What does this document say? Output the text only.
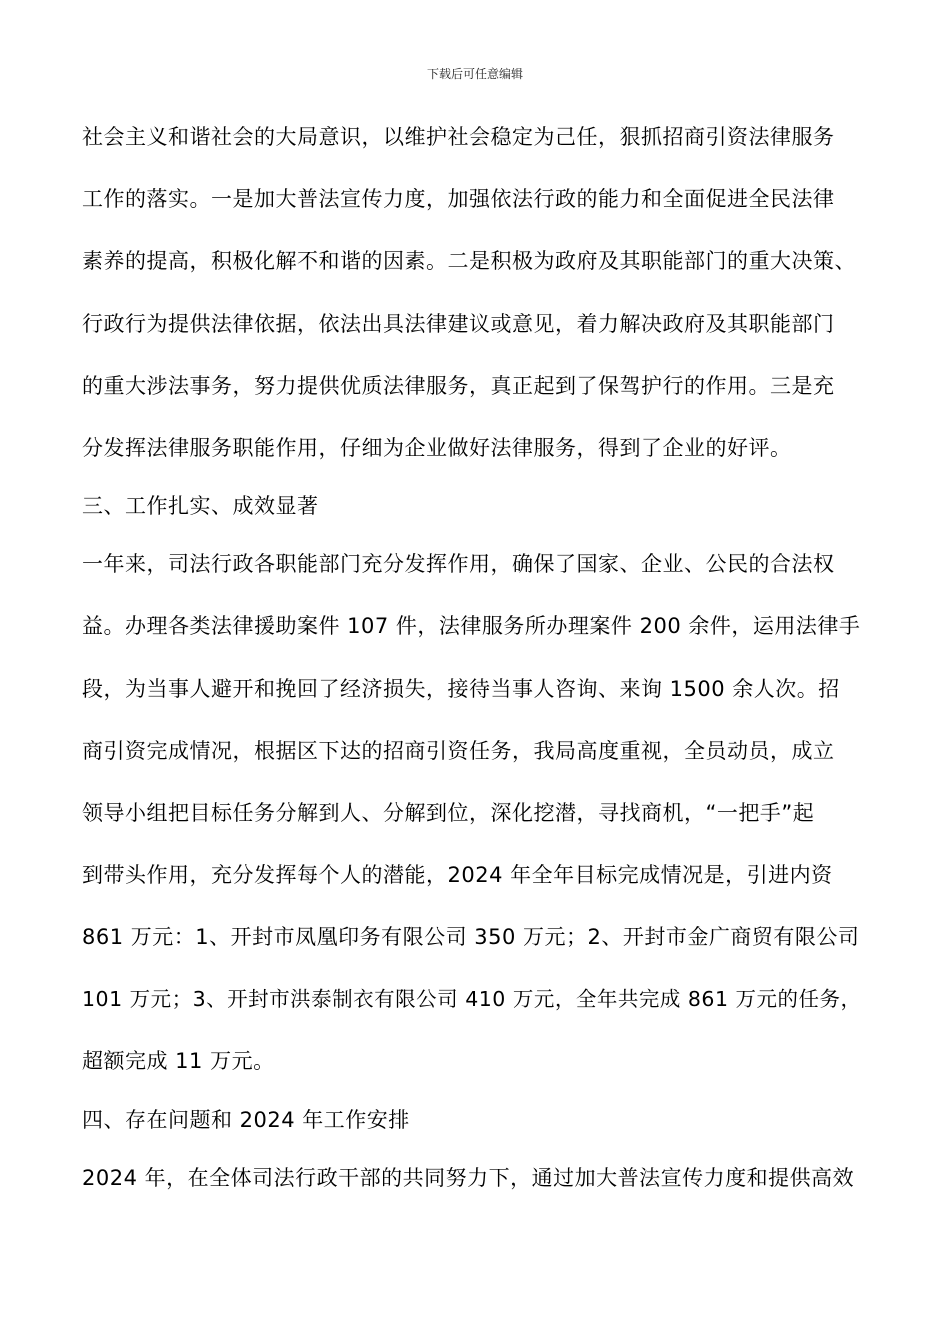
下载后可任意编辑
社会主义和谐社会的大局意识，以维护社会稳定为己任，狠抓招商引资法律服务
工作的落实。一是加大普法宣传力度，加强依法行政的能力和全面促进全民法律
素养的提高，积极化解不和谐的因素。二是积极为政府及其职能部门的重大决策、
行政行为提供法律依据，依法出具法律建议或意见，着力解决政府及其职能部门
的重大涉法事务，努力提供优质法律服务，真正起到了保驾护行的作用。三是充
分发挥法律服务职能作用，仔细为企业做好法律服务，得到了企业的好评。
三、工作扎实、成效显著
一年来，司法行政各职能部门充分发挥作用，确保了国家、企业、公民的合法权
益。办理各类法律援助案件 107 件，法律服务所办理案件 200 余件，运用法律手
段，为当事人避开和挽回了经济损失，接待当事人咨询、来询 1500 余人次。招
商引资完成情况，根据区下达的招商引资任务，我局高度重视，全员动员，成立
领导小组把目标任务分解到人、分解到位，深化挖潜，寻找商机，“一把手”起
到带头作用，充分发挥每个人的潜能，2024 年全年目标完成情况是，引进内资
861 万元：1、开封市凤凰印务有限公司 350 万元；2、开封市金广商贸有限公司
101 万元；3、开封市洪泰制衣有限公司 410 万元，全年共完成 861 万元的任务，
超额完成 11 万元。
四、存在问题和 2024 年工作安排
2024 年，在全体司法行政干部的共同努力下，通过加大普法宣传力度和提供高效
